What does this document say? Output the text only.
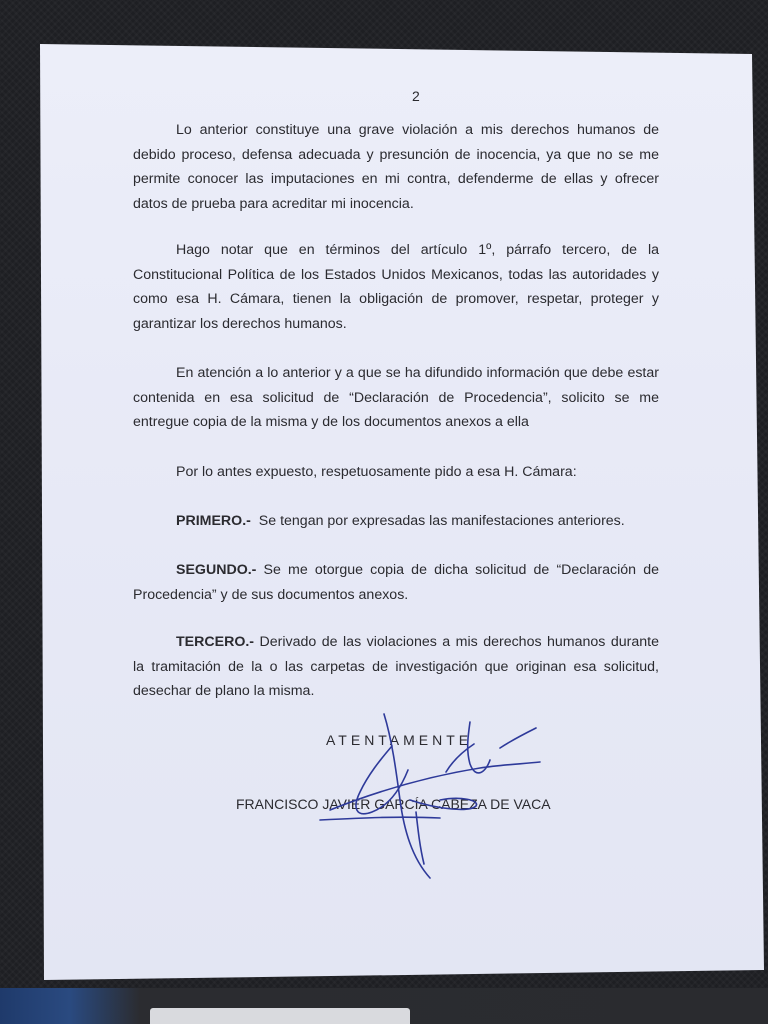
2

Lo anterior constituye una grave violación a mis derechos humanos de debido proceso, defensa adecuada y presunción de inocencia, ya que no se me permite conocer las imputaciones en mi contra, defenderme de ellas y ofrecer datos de prueba para acreditar mi inocencia.

Hago notar que en términos del artículo 1º, párrafo tercero, de la Constitucional Política de los Estados Unidos Mexicanos, todas las autoridades y como esa H. Cámara, tienen la obligación de promover, respetar, proteger y garantizar los derechos humanos.

En atención a lo anterior y a que se ha difundido información que debe estar contenida en esa solicitud de “Declaración de Procedencia”, solicito se me entregue copia de la misma y de los documentos anexos a ella

Por lo antes expuesto, respetuosamente pido a esa H. Cámara:

PRIMERO.- Se tengan por expresadas las manifestaciones anteriores.

SEGUNDO.- Se me otorgue copia de dicha solicitud de “Declaración de Procedencia” y de sus documentos anexos.

TERCERO.- Derivado de las violaciones a mis derechos humanos durante la tramitación de la o las carpetas de investigación que originan esa solicitud, desechar de plano la misma.

ATENTAMENTE
FRANCISCO JAVIER GARCÍA CABEZA DE VACA
